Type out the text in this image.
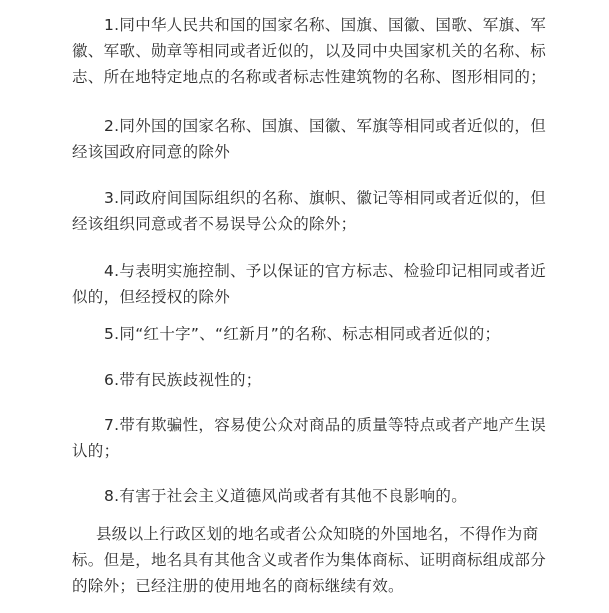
1.同中华人民共和国的国家名称、国旗、国徽、国歌、军旗、军
徽、军歌、勋章等相同或者近似的，以及同中央国家机关的名称、标
志、所在地特定地点的名称或者标志性建筑物的名称、图形相同的；

2.同外国的国家名称、国旗、国徽、军旗等相同或者近似的，但
经该国政府同意的除外

3.同政府间国际组织的名称、旗帜、徽记等相同或者近似的，但
经该组织同意或者不易误导公众的除外；

4.与表明实施控制、予以保证的官方标志、检验印记相同或者近
似的，但经授权的除外

5.同“红十字”、“红新月”的名称、标志相同或者近似的；

6.带有民族歧视性的；

7.带有欺骗性，容易使公众对商品的质量等特点或者产地产生误
认的；

8.有害于社会主义道德风尚或者有其他不良影响的。

县级以上行政区划的地名或者公众知晓的外国地名，不得作为商
标。但是，地名具有其他含义或者作为集体商标、证明商标组成部分
的除外；已经注册的使用地名的商标继续有效。
